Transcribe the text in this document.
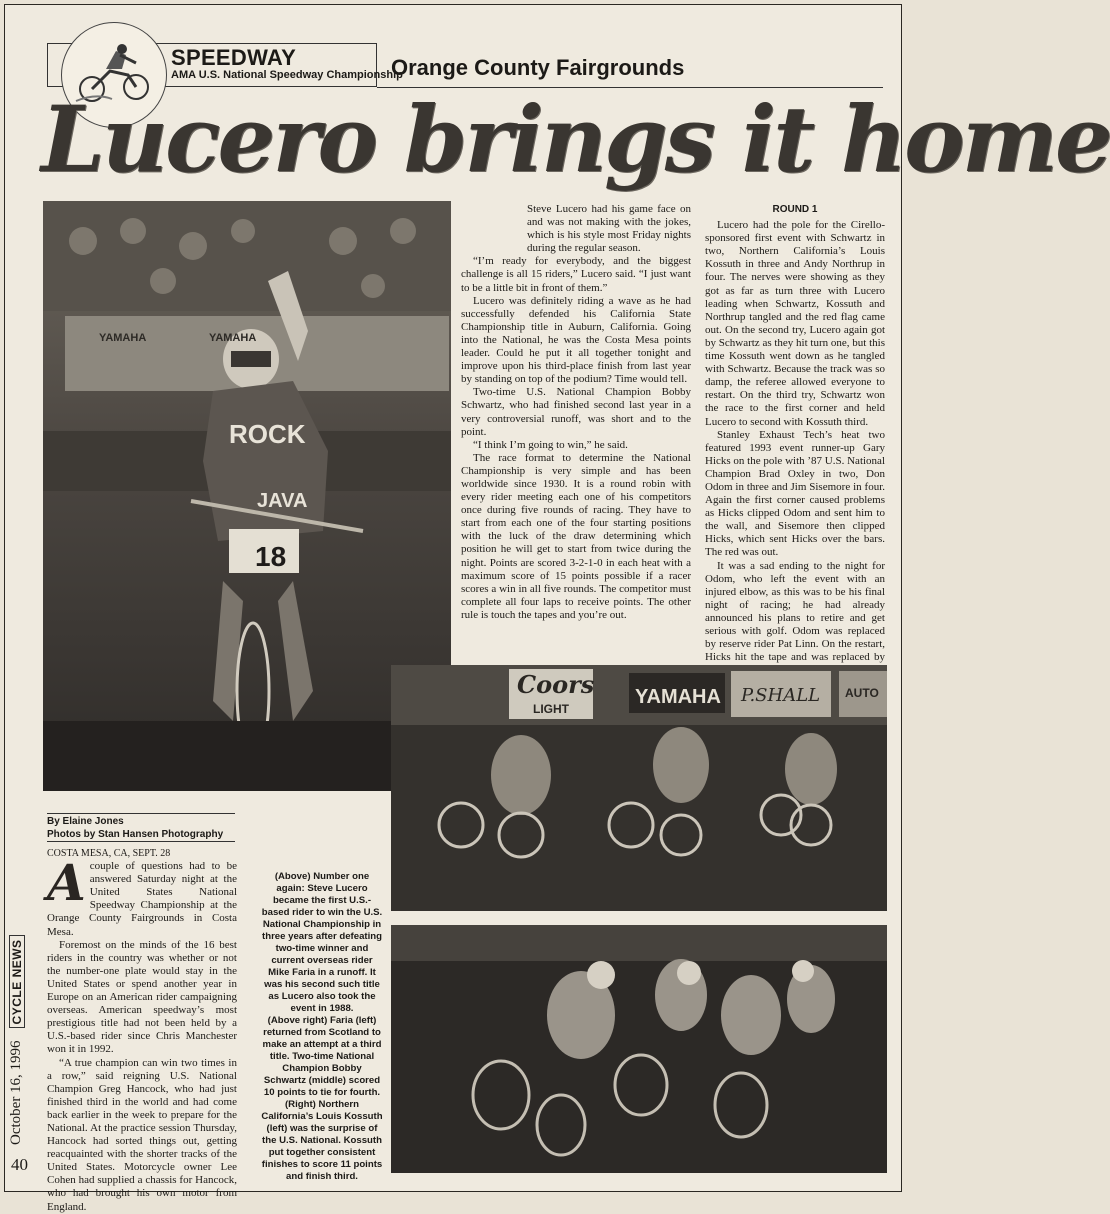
SPEEDWAY
AMA U.S. National Speedway Championship
Orange County Fairgrounds
Lucero brings it home
YAMAHA	YAMAHA
ROCK
JAVA
18

Steve Lucero had his game face on and was not making with the jokes, which is his style most Friday nights during the regular season.

“I’m ready for everybody, and the biggest challenge is all 15 riders,” Lucero said. “I just want to be a little bit in front of them.”

Lucero was definitely riding a wave as he had successfully defended his California State Championship title in Auburn, California. Going into the National, he was the Costa Mesa points leader. Could he put it all together tonight and improve upon his third-place finish from last year by standing on top of the podium? Time would tell.

Two-time U.S. National Champion Bobby Schwartz, who had finished second last year in a very controversial runoff, was short and to the point.

“I think I’m going to win,” he said.

The race format to determine the National Championship is very simple and has been worldwide since 1930. It is a round robin with every rider meeting each one of his competitors once during five rounds of racing. They have to start from each one of the four starting positions with the luck of the draw determining which position he will get to start from twice during the night. Points are scored 3-2-1-0 in each heat with a maximum score of 15 points possible if a racer scores a win in all five rounds. The competitor must complete all four laps to receive points. The other rule is touch the tapes and you’re out.

ROUND 1

Lucero had the pole for the Cirello-sponsored first event with Schwartz in two, Northern California’s Louis Kossuth in three and Andy Northrup in four. The nerves were showing as they got as far as turn three with Lucero leading when Schwartz, Kossuth and Northrup tangled and the red flag came out. On the second try, Lucero again got by Schwartz as they hit turn one, but this time Kossuth went down as he tangled with Schwartz. Because the track was so damp, the referee allowed everyone to restart. On the third try, Schwartz won the race to the first corner and held Lucero to second with Kossuth third.

Stanley Exhaust Tech’s heat two featured 1993 event runner-up Gary Hicks on the pole with ’87 U.S. National Champion Brad Oxley in two, Don Odom in three and Jim Sisemore in four. Again the first corner caused problems as Hicks clipped Odom and sent him to the wall, and Sisemore then clipped Hicks, which sent Hicks over the bars. The red was out.

It was a sad ending to the night for Odom, who left the event with an injured elbow, as this was to be his final night of racing; he had already announced his plans to retire and get serious with golf. Odom was replaced by reserve rider Pat Linn. On the restart, Hicks hit the tape and was replaced by

Coors
LIGHT
YAMAHA P.SHALL AUTO
By Elaine Jones
Photos by Stan Hansen Photography
COSTA MESA, CA, SEPT. 28

Acouple of questions had to be answered Saturday night at the United States National Speedway Championship at the Orange County Fairgrounds in Costa Mesa.

Foremost on the minds of the 16 best riders in the country was whether or not the number-one plate would stay in the United States or spend another year in Europe on an American rider campaigning overseas. American speedway’s most prestigious title had not been held by a U.S.-based rider since Chris Manchester won it in 1992.

“A true champion can win two times in a row,” said reigning U.S. National Champion Greg Hancock, who had just finished third in the world and had come back earlier in the week to prepare for the National. At the practice session Thursday, Hancock had sorted things out, getting reacquainted with the shorter tracks of the United States. Motorcycle owner Lee Cohen had supplied a chassis for Hancock, who had brought his own motor from England.

(Above) Number one again: Steve Lucero became the first U.S.-based rider to win the U.S. National Championship in three years after defeating two-time winner and current overseas rider Mike Faria in a runoff. It was his second such title as Lucero also took the event in 1988.

(Above right) Faria (left) returned from Scotland to make an attempt at a third title. Two-time National Champion Bobby Schwartz (middle) scored 10 points to tie for fourth.

(Right) Northern California’s Louis Kossuth (left) was the surprise of the U.S. National. Kossuth put together consistent finishes to score 11 points and finish third.

October 16, 1996
CYCLE NEWS
40
